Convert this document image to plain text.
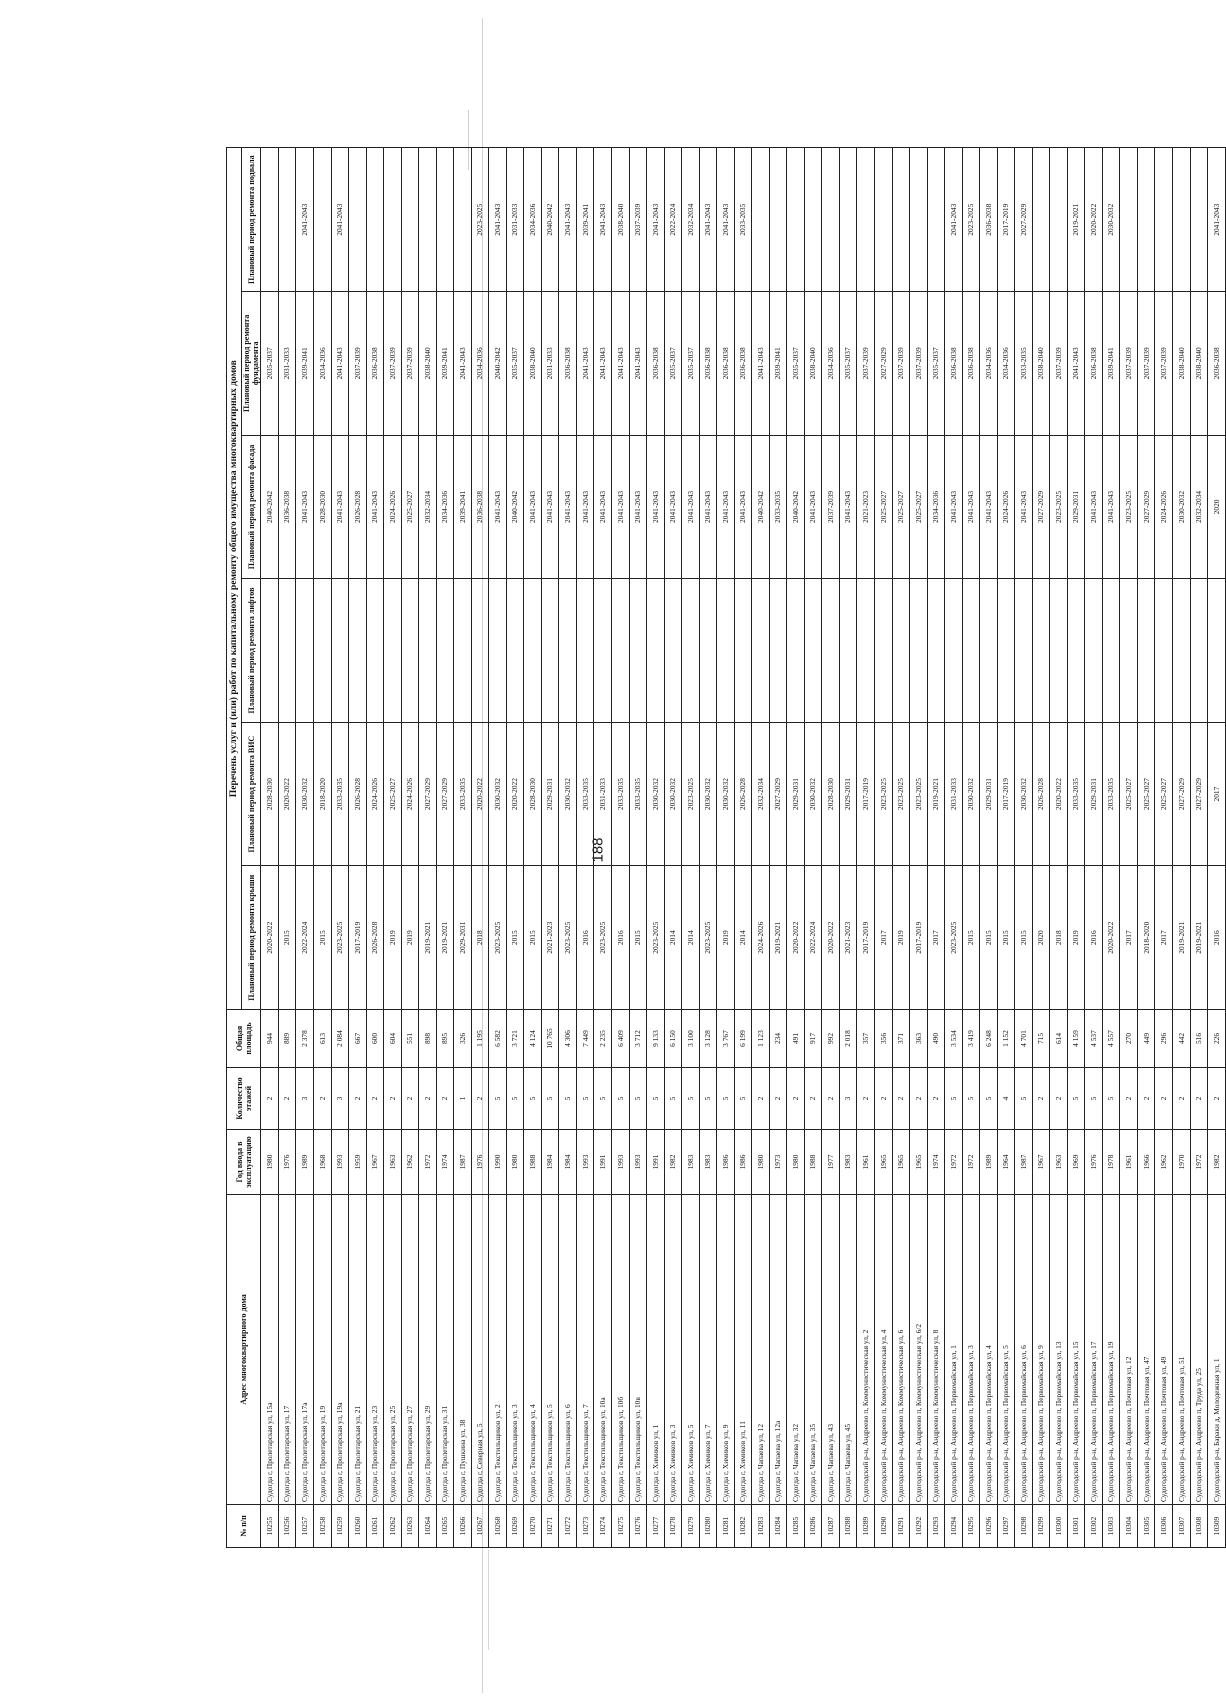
188
№ п/п	Адрес многоквартирного дома	Год ввода в эксплуатацию	Количество этажей	Общая площадь	Перечень услуг и (или) работ по капитальному ремонту общего имущества многоквартирных домов					
					Плановый период ремонта крыши	Плановый период ремонта ВИС	Плановый период ремонта лифтов	Плановый период ремонта фасада	Плановый период ремонта фундамента	Плановый период ремонта подвала
10255	Судогда г, Пролетарская ул, 15а	1980	2	944	2020-2022	2028-2030		2040-2042	2035-2037	
10256	Судогда г, Пролетарская ул, 17	1976	2	889	2015	2020-2022		2036-2038	2031-2033	
10257	Судогда г, Пролетарская ул, 17а	1989	3	2 378	2022-2024	2030-2032		2041-2043	2039-2041	2041-2043
10258	Судогда г, Пролетарская ул, 19	1968	2	613	2015	2018-2020		2028-2030	2034-2036	
10259	Судогда г, Пролетарская ул, 19а	1993	3	2 084	2023-2025	2033-2035		2041-2043	2041-2043	2041-2043
10260	Судогда г, Пролетарская ул, 21	1959	2	667	2017-2019	2026-2028		2026-2028	2037-2039	
10261	Судогда г, Пролетарская ул, 23	1967	2	600	2026-2028	2024-2026		2041-2043	2036-2038	
10262	Судогда г, Пролетарская ул, 25	1963	2	604	2019	2025-2027		2024-2026	2037-2039	
10263	Судогда г, Пролетарская ул, 27	1962	2	551	2019	2024-2026		2025-2027	2037-2039	
10264	Судогда г, Пролетарская ул, 29	1972	2	898	2019-2021	2027-2029		2032-2034	2038-2040	
10265	Судогда г, Пролетарская ул, 31	1974	2	895	2019-2021	2027-2029		2034-2036	2039-2041	
10266	Судогда г, Пушкина ул, 38	1987	1	326	2029-2031	2033-2035		2039-2041	2041-2043	
10267	Судогда г, Северная ул, 5	1976	2	1 195	2018	2020-2022		2036-2038	2034-2036	2023-2025
10268	Судогда г, Текстильщиков ул, 2	1990	5	6 582	2023-2025	2030-2032		2041-2043	2040-2042	2041-2043
10269	Судогда г, Текстильщиков ул, 3	1980	5	3 721	2015	2020-2022		2040-2042	2035-2037	2031-2033
10270	Судогда г, Текстильщиков ул, 4	1988	5	4 124	2015	2028-2030		2041-2043	2038-2040	2034-2036
10271	Судогда г, Текстильщиков ул, 5	1984	5	10 765	2021-2023	2029-2031		2041-2043	2031-2033	2040-2042
10272	Судогда г, Текстильщиков ул, 6	1984	5	4 306	2023-2025	2030-2032		2041-2043	2036-2038	2041-2043
10273	Судогда г, Текстильщиков ул, 7	1993	5	7 449	2016	2033-2035		2041-2043	2041-2043	2039-2041
10274	Судогда г, Текстильщиков ул, 10а	1991	5	2 235	2023-2025	2031-2033		2041-2043	2041-2043	2041-2043
10275	Судогда г, Текстильщиков ул, 10б	1993	5	6 409	2016	2033-2035		2041-2043	2041-2043	2038-2040
10276	Судогда г, Текстильщиков ул, 10в	1993	5	3 712	2015	2033-2035		2041-2043	2041-2043	2037-2039
10277	Судогда г, Химиков ул, 1	1991	5	9 133	2023-2025	2030-2032		2041-2043	2036-2038	2041-2043
10278	Судогда г, Химиков ул, 3	1982	5	6 150	2014	2030-2032		2041-2043	2035-2037	2022-2024
10279	Судогда г, Химиков ул, 5	1983	5	3 100	2014	2023-2025		2041-2043	2035-2037	2032-2034
10280	Судогда г, Химиков ул, 7	1983	5	3 128	2023-2025	2030-2032		2041-2043	2036-2038	2041-2043
10281	Судогда г, Химиков ул, 9	1986	5	3 767	2019	2030-2032		2041-2043	2036-2038	2041-2043
10282	Судогда г, Химиков ул, 11	1986	5	6 199	2014	2026-2028		2041-2043	2036-2038	2033-2035
10283	Судогда г, Чапаева ул, 12	1980	2	1 123	2024-2026	2032-2034		2040-2042	2041-2043	
10284	Судогда г, Чапаева ул, 12а	1973	2	234	2019-2021	2027-2029		2033-2035	2039-2041	
10285	Судогда г, Чапаева ул, 32	1980	2	491	2020-2022	2029-2031		2040-2042	2035-2037	
10286	Судогда г, Чапаева ул, 35	1988	2	917	2022-2024	2030-2032		2041-2043	2038-2040	
10287	Судогда г, Чапаева ул, 43	1977	2	992	2020-2022	2028-2030		2037-2039	2034-2036	
10288	Судогда г, Чапаева ул, 45	1983	3	2 018	2021-2023	2029-2031		2041-2043	2035-2037	
10289	Судогодский р-н, Андреево п, Коммунистическая ул, 2	1961	2	357	2017-2019	2017-2019		2021-2023	2037-2039	
10290	Судогодский р-н, Андреево п, Коммунистическая ул, 4	1965	2	356	2017	2023-2025		2025-2027	2027-2029	
10291	Судогодский р-н, Андреево п, Коммунистическая ул, 6	1965	2	371	2019	2023-2025		2025-2027	2037-2039	
10292	Судогодский р-н, Андреево п, Коммунистическая ул, 6/2	1965	2	363	2017-2019	2023-2025		2025-2027	2037-2039	
10293	Судогодский р-н, Андреево п, Коммунистическая ул, 8	1974	2	490	2017	2019-2021		2034-2036	2035-2037	
10294	Судогодский р-н, Андреево п, Первомайская ул, 1	1972	5	3 534	2023-2025	2031-2033		2041-2043	2036-2038	2041-2043
10295	Судогодский р-н, Андреево п, Первомайская ул, 3	1972	5	3 419	2015	2030-2032		2041-2043	2036-2038	2023-2025
10296	Судогодский р-н, Андреево п, Первомайская ул, 4	1989	5	6 248	2015	2029-2031		2041-2043	2034-2036	2036-2038
10297	Судогодский р-н, Андреево п, Первомайская ул, 5	1964	4	1 152	2015	2017-2019		2024-2026	2034-2036	2017-2019
10298	Судогодский р-н, Андреево п, Первомайская ул, 6	1987	5	4 701	2015	2030-2032		2041-2043	2033-2035	2027-2029
10299	Судогодский р-н, Андреево п, Первомайская ул, 9	1967	2	715	2020	2026-2028		2027-2029	2038-2040	
10300	Судогодский р-н, Андреево п, Первомайская ул, 13	1963	2	614	2018	2020-2022		2023-2025	2037-2039	
10301	Судогодский р-н, Андреево п, Первомайская ул, 15	1969	5	4 159	2019	2033-2035		2029-2031	2041-2043	2019-2021
10302	Судогодский р-н, Андреево п, Первомайская ул, 17	1976	5	4 537	2016	2029-2031		2041-2043	2036-2038	2020-2022
10303	Судогодский р-н, Андреево п, Первомайская ул, 19	1978	5	4 557	2020-2022	2033-2035		2041-2043	2039-2041	2030-2032
10304	Судогодский р-н, Андреево п, Почтовая ул, 12	1961	2	270	2017	2025-2027		2023-2025	2037-2039	
10305	Судогодский р-н, Андреево п, Почтовая ул, 47	1966	2	449	2018-2020	2025-2027		2027-2029	2037-2039	
10306	Судогодский р-н, Андреево п, Почтовая ул, 49	1962	2	296	2017	2025-2027		2024-2026	2037-2039	
10307	Судогодский р-н, Андреево п, Почтовая ул, 51	1970	2	442	2019-2021	2027-2029		2030-2032	2038-2040	
10308	Судогодский р-н, Андреево п, Труда ул, 25	1972	2	516	2019-2021	2027-2029		2032-2034	2038-2040	
10309	Судогодский р-н, Бараки д, Молодежная ул, 1	1982	2	226	2016	2017		2020	2036-2038	2041-2043
